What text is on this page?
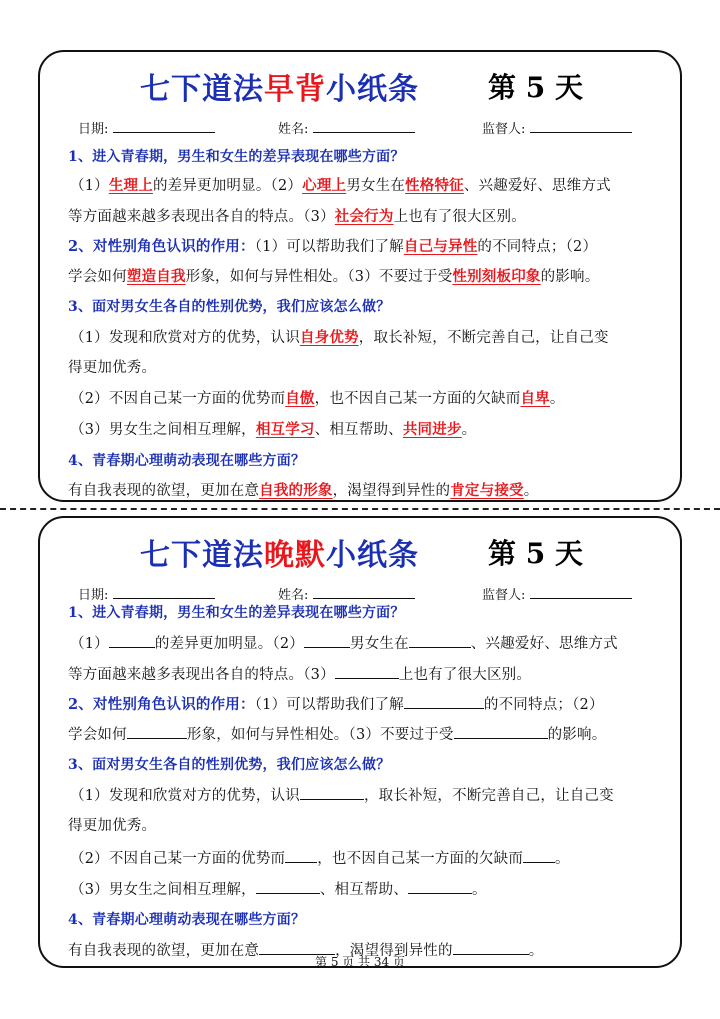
七下道法早背小纸条 第 5 天
日期:	姓名:	监督人:
1、进入青春期，男生和女生的差异表现在哪些方面？
（1）生理上的差异更加明显。（2）心理上男女生在性格特征、兴趣爱好、思维方式
等方面越来越多表现出各自的特点。（3）社会行为上也有了很大区别。
2、对性别角色认识的作用：（1）可以帮助我们了解自己与异性的不同特点；（2）
学会如何塑造自我形象，如何与异性相处。（3）不要过于受性别刻板印象的影响。
3、面对男女生各自的性别优势，我们应该怎么做？
（1）发现和欣赏对方的优势，认识自身优势，取长补短，不断完善自己，让自己变
得更加优秀。
（2）不因自己某一方面的优势而自傲，也不因自己某一方面的欠缺而自卑。
（3）男女生之间相互理解，相互学习、相互帮助、共同进步。
4、青春期心理萌动表现在哪些方面？
有自我表现的欲望，更加在意自我的形象，渴望得到异性的肯定与接受。
七下道法晚默小纸条 第 5 天
日期:	姓名:	监督人:
1、进入青春期，男生和女生的差异表现在哪些方面？
（1）	的差异更加明显。（2）	男女生在	、兴趣爱好、思维方式
等方面越来越多表现出各自的特点。（3）	上也有了很大区别。
2、对性别角色认识的作用：（1）可以帮助我们了解	的不同特点；（2）
学会如何	形象，如何与异性相处。（3）不要过于受	的影响。
3、面对男女生各自的性别优势，我们应该怎么做？
（1）发现和欣赏对方的优势，认识	，取长补短，不断完善自己，让自己变
得更加优秀。
（2）不因自己某一方面的优势而 ，也不因自己某一方面的欠缺而 。
（3）男女生之间相互理解，	、相互帮助、	。
4、青春期心理萌动表现在哪些方面？
有自我表现的欲望，更加在意	，渴望得到异性的	。
第 5 页 共 34 页
